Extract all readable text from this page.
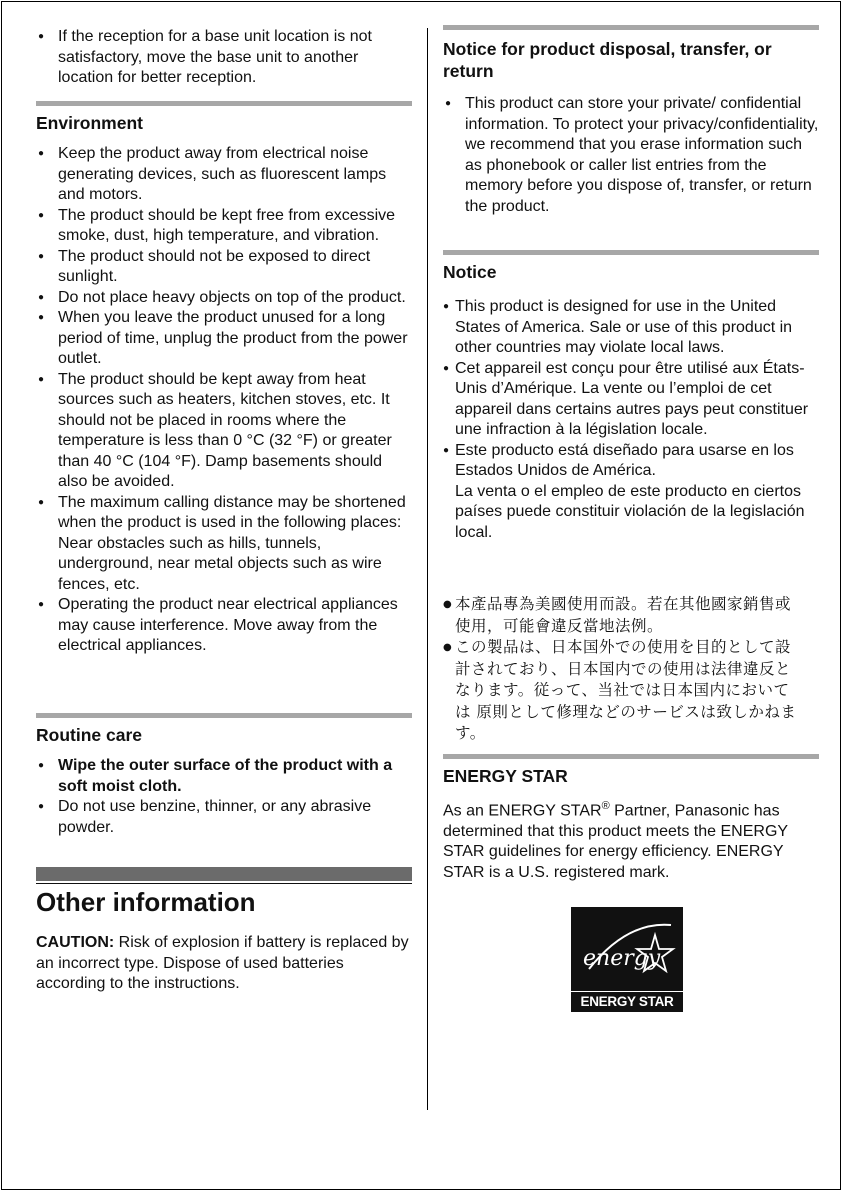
● If the reception for a base unit location is not satisfactory, move the base unit to another location for better reception.
Environment
● Keep the product away from electrical noise generating devices, such as fluorescent lamps and motors.
● The product should be kept free from excessive smoke, dust, high temperature, and vibration.
● The product should not be exposed to direct sunlight.
● Do not place heavy objects on top of the product.
● When you leave the product unused for a long period of time, unplug the product from the power outlet.
● The product should be kept away from heat sources such as heaters, kitchen stoves, etc. It should not be placed in rooms where the temperature is less than 0 °C (32 °F) or greater than 40 °C (104 °F). Damp basements should also be avoided.
● The maximum calling distance may be shortened when the product is used in the following places: Near obstacles such as hills, tunnels, underground, near metal objects such as wire fences, etc.
● Operating the product near electrical appliances may cause interference. Move away from the electrical appliances.
Routine care
● Wipe the outer surface of the product with a soft moist cloth.
● Do not use benzine, thinner, or any abrasive powder.
Other information
CAUTION: Risk of explosion if battery is replaced by an incorrect type. Dispose of used batteries according to the instructions.
Notice for product disposal, transfer, or return
● This product can store your private/ confidential information. To protect your privacy/confidentiality, we recommend that you erase information such as phonebook or caller list entries from the memory before you dispose of, transfer, or return the product.
Notice
● This product is designed for use in the United States of America. Sale or use of this product in other countries may violate local laws.
● Cet appareil est conçu pour être utilisé aux États-Unis d’Amérique. La vente ou l’emploi de cet appareil dans certains autres pays peut constituer une infraction à la législation locale.
● Este producto está diseñado para usarse en los Estados Unidos de América.
La venta o el empleo de este producto en ciertos países puede constituir violación de la legislación local.
● 本產品專為美國使用而設。若在其他國家銷售或使用，可能會違反當地法例。
● この製品は、日本国外での使用を目的として設計されており、日本国内での使用は法律違反となります。従って、当社では日本国内においては 原則として修理などのサービスは致しかねます。
ENERGY STAR
As an ENERGY STAR® Partner, Panasonic has determined that this product meets the ENERGY STAR guidelines for energy efficiency. ENERGY STAR is a U.S. registered mark.
energy
ENERGY STAR
